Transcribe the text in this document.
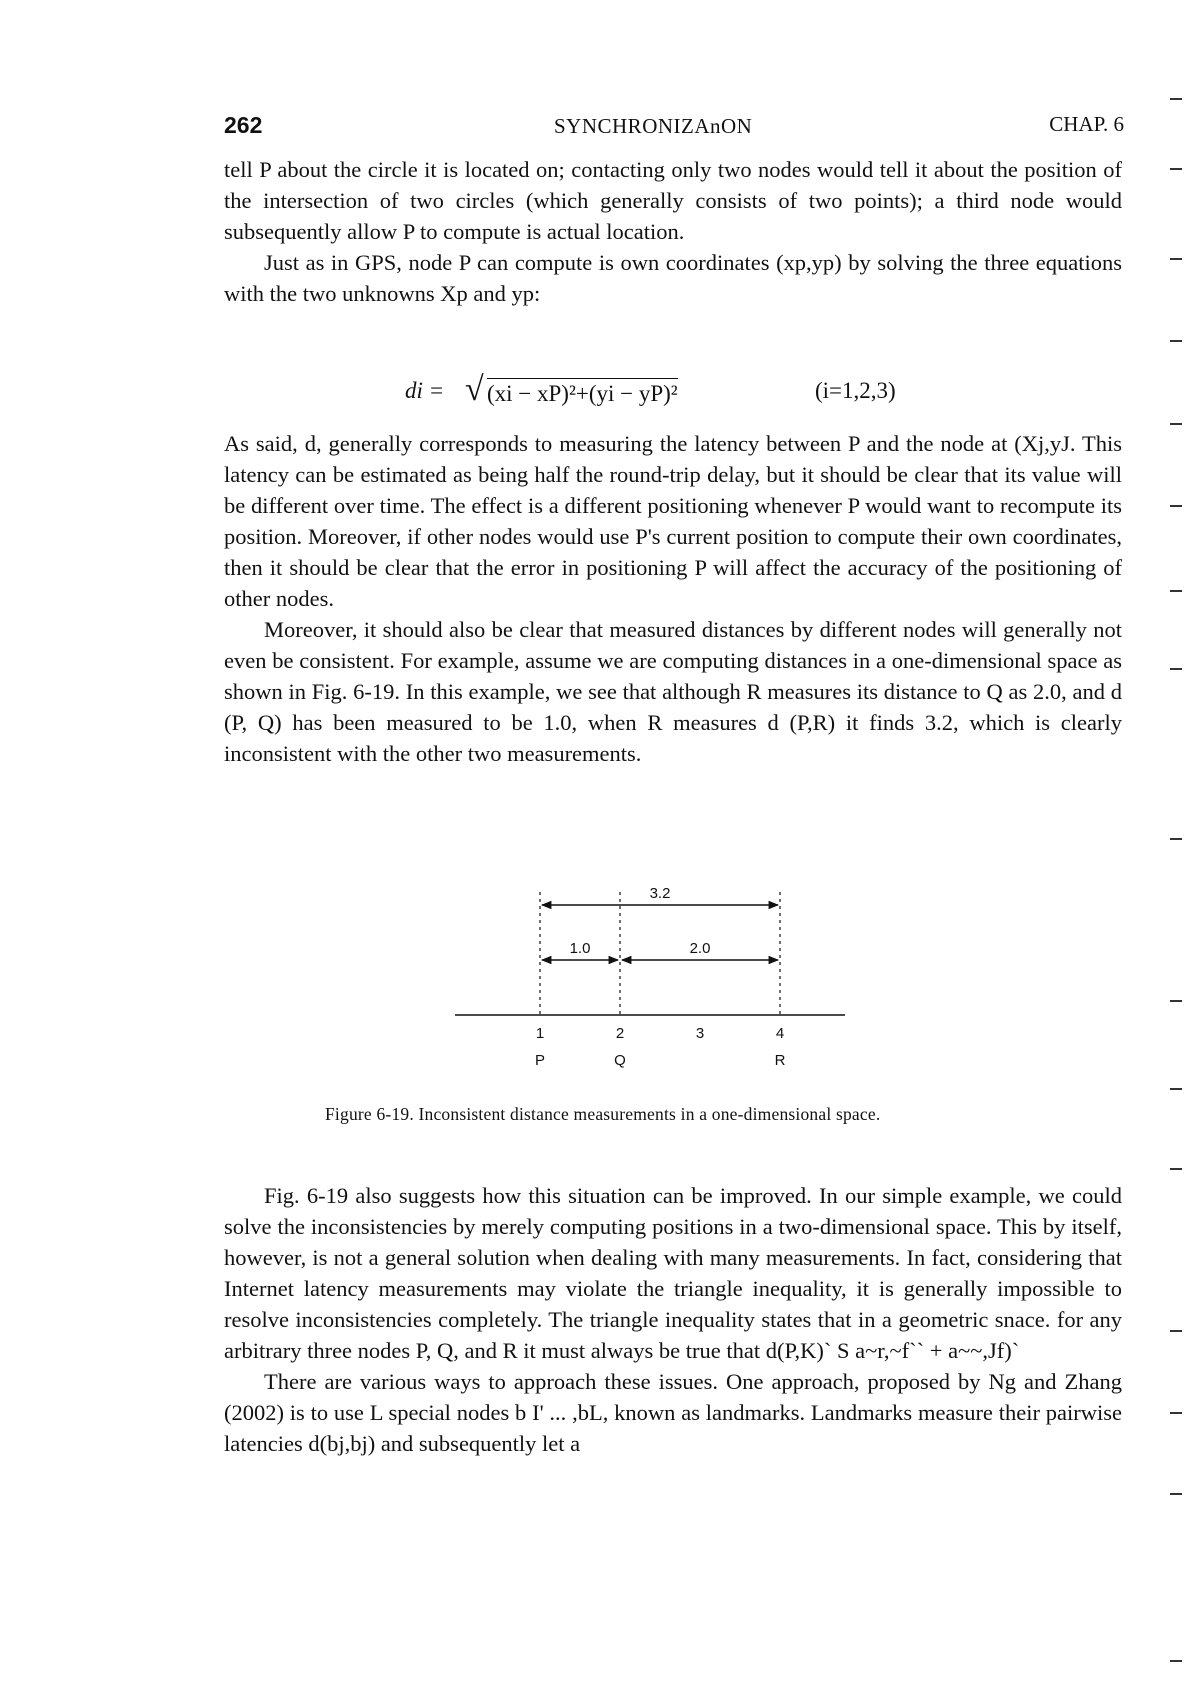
262	SYNCHRONIZAnON	CHAP. 6

tell P about the circle it is located on; contacting only two nodes would tell it about the position of the intersection of two circles (which generally consists of two points); a third node would subsequently allow P to compute is actual location.

Just as in GPS, node P can compute is own coordinates (xp,yp) by solving the three equations with the two unknowns Xp and yp:

di = √ (xi − xP)²+(yi − yP)²	(i=1,2,3)

As said, d, generally corresponds to measuring the latency between P and the node at (Xj,yJ. This latency can be estimated as being half the round-trip delay, but it should be clear that its value will be different over time. The effect is a different positioning whenever P would want to recompute its position. Moreover, if other nodes would use P's current position to compute their own coordinates, then it should be clear that the error in positioning P will affect the accuracy of the positioning of other nodes.

Moreover, it should also be clear that measured distances by different nodes will generally not even be consistent. For example, assume we are computing distances in a one-dimensional space as shown in Fig. 6-19. In this example, we see that although R measures its distance to Q as 2.0, and d (P, Q) has been measured to be 1.0, when R measures d (P,R) it finds 3.2, which is clearly inconsistent with the other two measurements.

3.2
1.0	2.0
1	2	3	4
P	Q	R
Figure 6-19. Inconsistent distance measurements in a one-dimensional space.

Fig. 6-19 also suggests how this situation can be improved. In our simple example, we could solve the inconsistencies by merely computing positions in a two-dimensional space. This by itself, however, is not a general solution when dealing with many measurements. In fact, considering that Internet latency measurements may violate the triangle inequality, it is generally impossible to resolve inconsistencies completely. The triangle inequality states that in a geometric snace. for any arbitrary three nodes P, Q, and R it must always be true that d(P,K)` S a~r,~f`` + a~~,Jf)`

There are various ways to approach these issues. One approach, proposed by Ng and Zhang (2002) is to use L special nodes b I' ... ,bL, known as landmarks. Landmarks measure their pairwise latencies d(bj,bj) and subsequently let a
